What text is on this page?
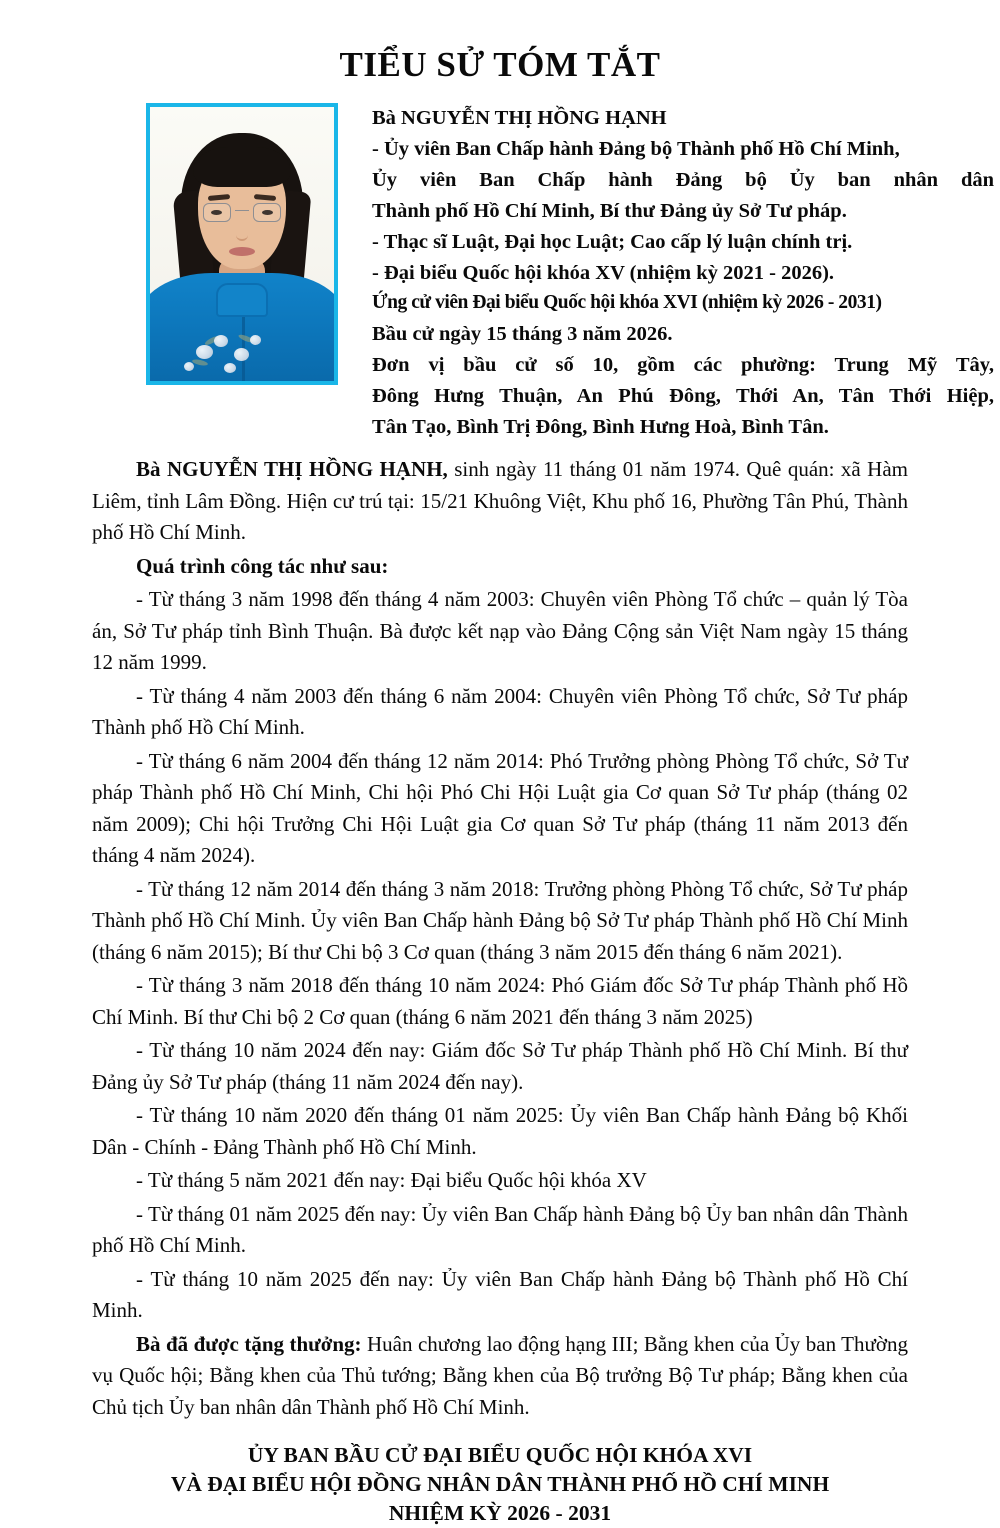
TIỂU SỬ TÓM TẮT

Bà NGUYỄN THỊ HỒNG HẠNH

- Ủy viên Ban Chấp hành Đảng bộ Thành phố Hồ Chí Minh,

Ủy viên Ban Chấp hành Đảng bộ Ủy ban nhân dân

Thành phố Hồ Chí Minh, Bí thư Đảng ủy Sở Tư pháp.

- Thạc sĩ Luật, Đại học Luật; Cao cấp lý luận chính trị.

- Đại biểu Quốc hội khóa XV (nhiệm kỳ 2021 - 2026).

Ứng cử viên Đại biểu Quốc hội khóa XVI (nhiệm kỳ 2026 - 2031)

Bầu cử ngày 15 tháng 3 năm 2026.

Đơn vị bầu cử số 10, gồm các phường: Trung Mỹ Tây,

Đông Hưng Thuận, An Phú Đông, Thới An, Tân Thới Hiệp,

Tân Tạo, Bình Trị Đông, Bình Hưng Hoà, Bình Tân.

Bà NGUYỄN THỊ HỒNG HẠNH, sinh ngày 11 tháng 01 năm 1974. Quê quán: xã Hàm Liêm, tỉnh Lâm Đồng. Hiện cư trú tại: 15/21 Khuông Việt, Khu phố 16, Phường Tân Phú, Thành phố Hồ Chí Minh.

Quá trình công tác như sau:

- Từ tháng 3 năm 1998 đến tháng 4 năm 2003: Chuyên viên Phòng Tổ chức – quản lý Tòa án, Sở Tư pháp tỉnh Bình Thuận. Bà được kết nạp vào Đảng Cộng sản Việt Nam ngày 15 tháng 12 năm 1999.

- Từ tháng 4 năm 2003 đến tháng 6 năm 2004: Chuyên viên Phòng Tổ chức, Sở Tư pháp Thành phố Hồ Chí Minh.

- Từ tháng 6 năm 2004 đến tháng 12 năm 2014: Phó Trưởng phòng Phòng Tổ chức, Sở Tư pháp Thành phố Hồ Chí Minh, Chi hội Phó Chi Hội Luật gia Cơ quan Sở Tư pháp (tháng 02 năm 2009); Chi hội Trưởng Chi Hội Luật gia Cơ quan Sở Tư pháp (tháng 11 năm 2013 đến tháng 4 năm 2024).

- Từ tháng 12 năm 2014 đến tháng 3 năm 2018: Trưởng phòng Phòng Tổ chức, Sở Tư pháp Thành phố Hồ Chí Minh. Ủy viên Ban Chấp hành Đảng bộ Sở Tư pháp Thành phố Hồ Chí Minh (tháng 6 năm 2015); Bí thư Chi bộ 3 Cơ quan (tháng 3 năm 2015 đến tháng 6 năm 2021).

- Từ tháng 3 năm 2018 đến tháng 10 năm 2024: Phó Giám đốc Sở Tư pháp Thành phố Hồ Chí Minh. Bí thư Chi bộ 2 Cơ quan (tháng 6 năm 2021 đến tháng 3 năm 2025)

- Từ tháng 10 năm 2024 đến nay: Giám đốc Sở Tư pháp Thành phố Hồ Chí Minh. Bí thư Đảng ủy Sở Tư pháp (tháng 11 năm 2024 đến nay).

- Từ tháng 10 năm 2020 đến tháng 01 năm 2025: Ủy viên Ban Chấp hành Đảng bộ Khối Dân - Chính - Đảng Thành phố Hồ Chí Minh.

- Từ tháng 5 năm 2021 đến nay: Đại biểu Quốc hội khóa XV

- Từ tháng 01 năm 2025 đến nay: Ủy viên Ban Chấp hành Đảng bộ Ủy ban nhân dân Thành phố Hồ Chí Minh.

- Từ tháng 10 năm 2025 đến nay: Ủy viên Ban Chấp hành Đảng bộ Thành phố Hồ Chí Minh.

Bà đã được tặng thưởng: Huân chương lao động hạng III; Bằng khen của Ủy ban Thường vụ Quốc hội; Bằng khen của Thủ tướng; Bằng khen của Bộ trưởng Bộ Tư pháp; Bằng khen của Chủ tịch Ủy ban nhân dân Thành phố Hồ Chí Minh.

ỦY BAN BẦU CỬ ĐẠI BIỂU QUỐC HỘI KHÓA XVI
VÀ ĐẠI BIỂU HỘI ĐỒNG NHÂN DÂN THÀNH PHỐ HỒ CHÍ MINH
NHIỆM KỲ 2026 - 2031
